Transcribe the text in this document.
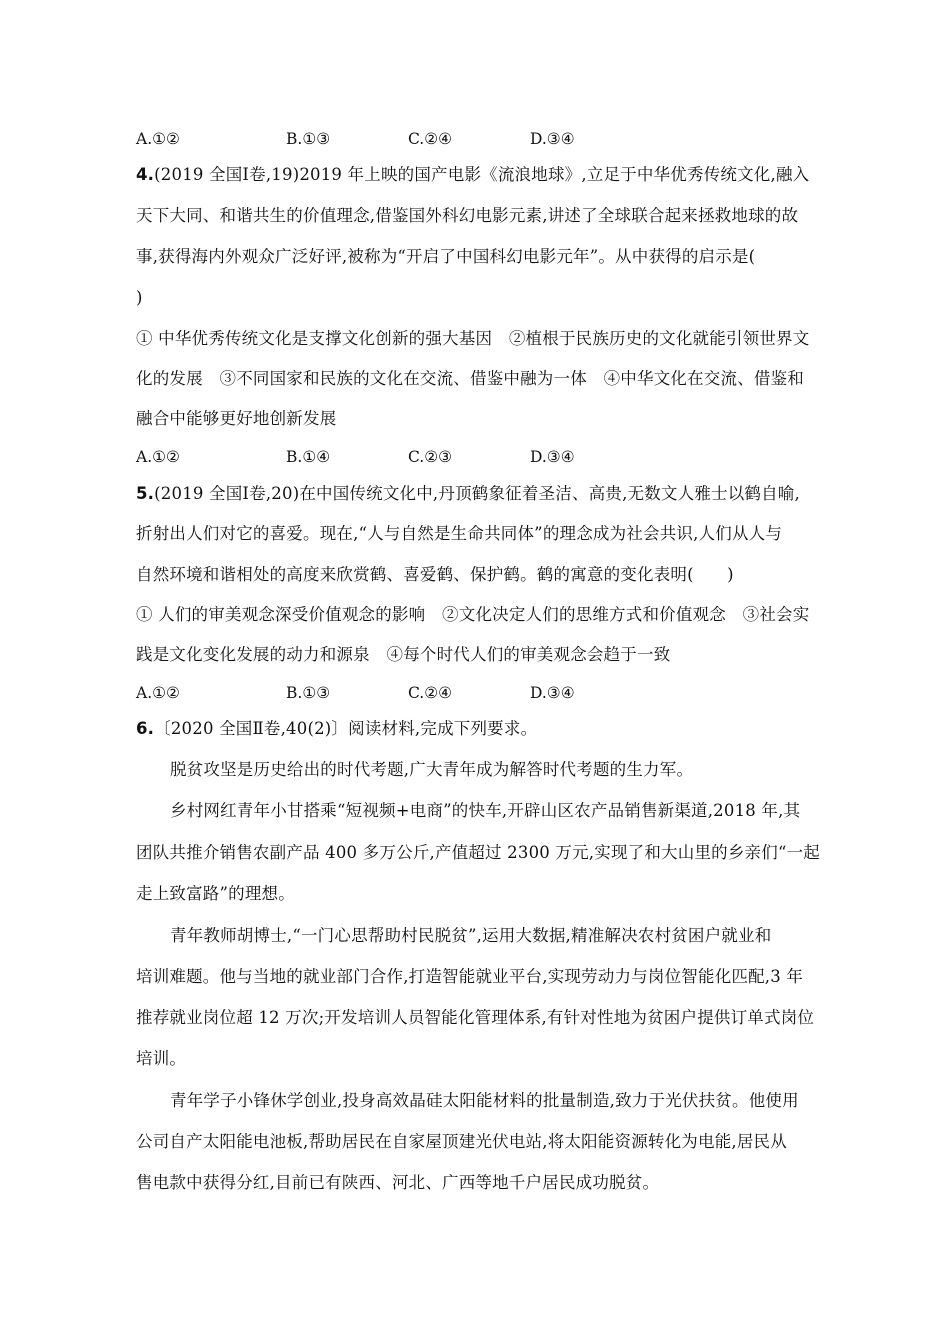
A.①②	B.①③	C.②④	D.③④
4.(2019 全国Ⅰ卷,19)2019 年上映的国产电影《流浪地球》,立足于中华优秀传统文化,融入
天下大同、和谐共生的价值理念,借鉴国外科幻电影元素,讲述了全球联合起来拯救地球的故
事,获得海内外观众广泛好评,被称为“开启了中国科幻电影元年”。从中获得的启示是(
)
① 中华优秀传统文化是支撑文化创新的强大基因　②植根于民族历史的文化就能引领世界文
化的发展　③不同国家和民族的文化在交流、借鉴中融为一体　④中华文化在交流、借鉴和
融合中能够更好地创新发展
A.①②	B.①④	C.②③	D.③④
5.(2019 全国Ⅰ卷,20)在中国传统文化中,丹顶鹤象征着圣洁、高贵,无数文人雅士以鹤自喻,
折射出人们对它的喜爱。现在,“人与自然是生命共同体”的理念成为社会共识,人们从人与
自然环境和谐相处的高度来欣赏鹤、喜爱鹤、保护鹤。鹤的寓意的变化表明(　　)
① 人们的审美观念深受价值观念的影响　②文化决定人们的思维方式和价值观念　③社会实
践是文化变化发展的动力和源泉　④每个时代人们的审美观念会趋于一致
A.①②	B.①③	C.②④	D.③④
6.〔2020 全国Ⅱ卷,40(2)〕阅读材料,完成下列要求。
脱贫攻坚是历史给出的时代考题,广大青年成为解答时代考题的生力军。
乡村网红青年小甘搭乘“短视频+电商”的快车,开辟山区农产品销售新渠道,2018 年,其
团队共推介销售农副产品 400 多万公斤,产值超过 2300 万元,实现了和大山里的乡亲们“一起
走上致富路”的理想。
青年教师胡博士,“一门心思帮助村民脱贫”,运用大数据,精准解决农村贫困户就业和
培训难题。他与当地的就业部门合作,打造智能就业平台,实现劳动力与岗位智能化匹配,3 年
推荐就业岗位超 12 万次;开发培训人员智能化管理体系,有针对性地为贫困户提供订单式岗位
培训。
青年学子小锋休学创业,投身高效晶硅太阳能材料的批量制造,致力于光伏扶贫。他使用
公司自产太阳能电池板,帮助居民在自家屋顶建光伏电站,将太阳能资源转化为电能,居民从
售电款中获得分红,目前已有陕西、河北、广西等地千户居民成功脱贫。
